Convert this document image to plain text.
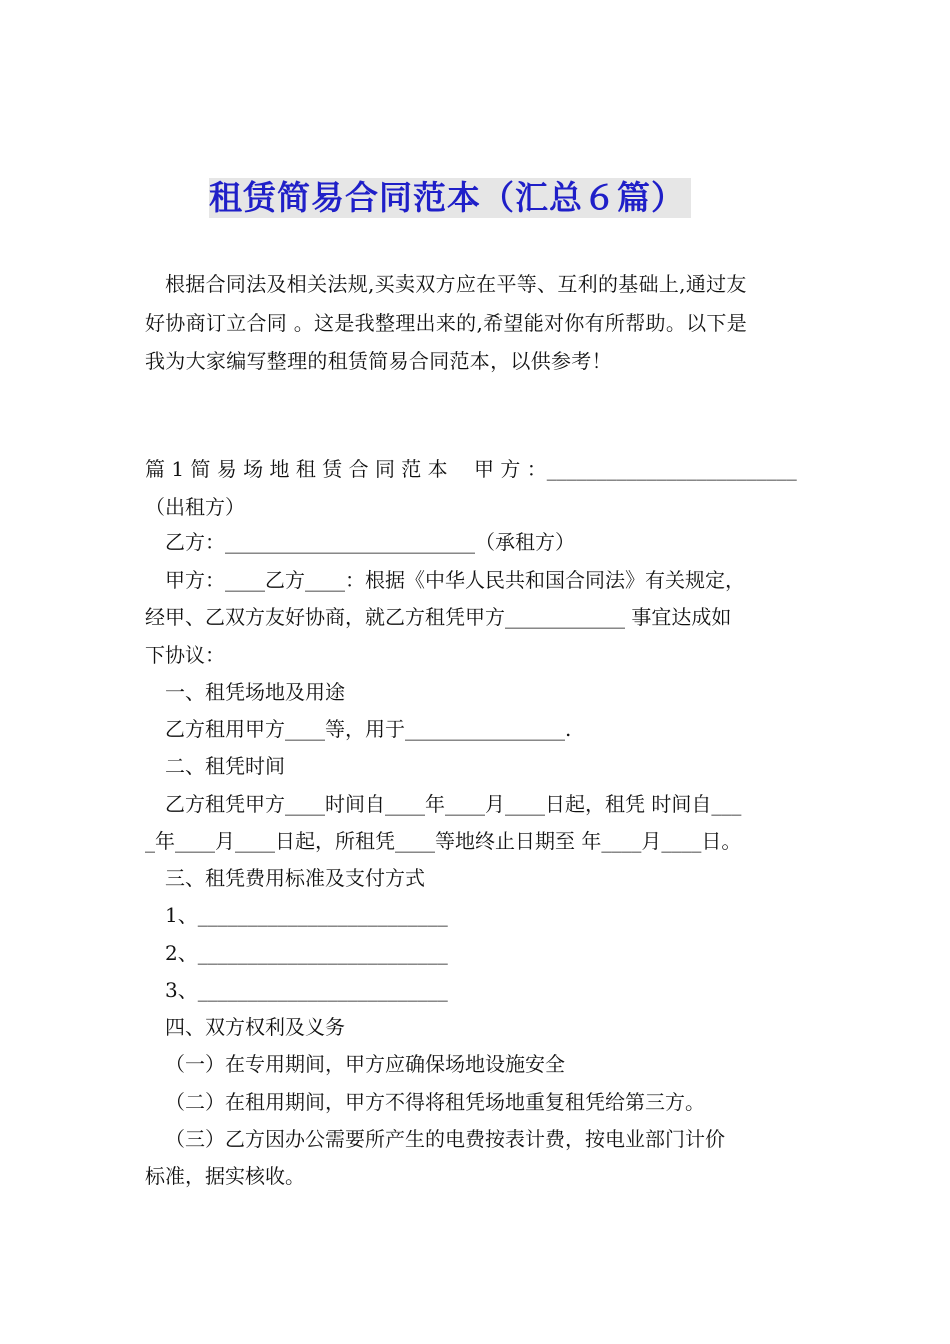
租赁简易合同范本（汇总６篇）
根据合同法及相关法规,买卖双方应在平等、互利的基础上,通过友
好协商订立合同 。这是我整理出来的,希望能对你有所帮助。以下是
我为大家编写整理的租赁简易合同范本，以供参考！
篇 1 简 易 场 地 租 赁 合 同 范 本　 甲 方 ：_________________________
（出租方）
乙方：_________________________（承租方）
甲方：____乙方____：根据《中华人民共和国合同法》有关规定，
经甲、乙双方友好协商，就乙方租凭甲方____________ 事宜达成如
下协议：
一、租凭场地及用途
乙方租用甲方____等，用于________________.
二、租凭时间
乙方租凭甲方____时间自____年____月____日起，租凭 时间自___
_年____月____日起，所租凭____等地终止日期至 年____月____日。
三、租凭费用标准及支付方式
1、_________________________
2、_________________________
3、_________________________
四、双方权利及义务
（一）在专用期间，甲方应确保场地设施安全
（二）在租用期间，甲方不得将租凭场地重复租凭给第三方。
（三）乙方因办公需要所产生的电费按表计费，按电业部门计价
标准，据实核收。
